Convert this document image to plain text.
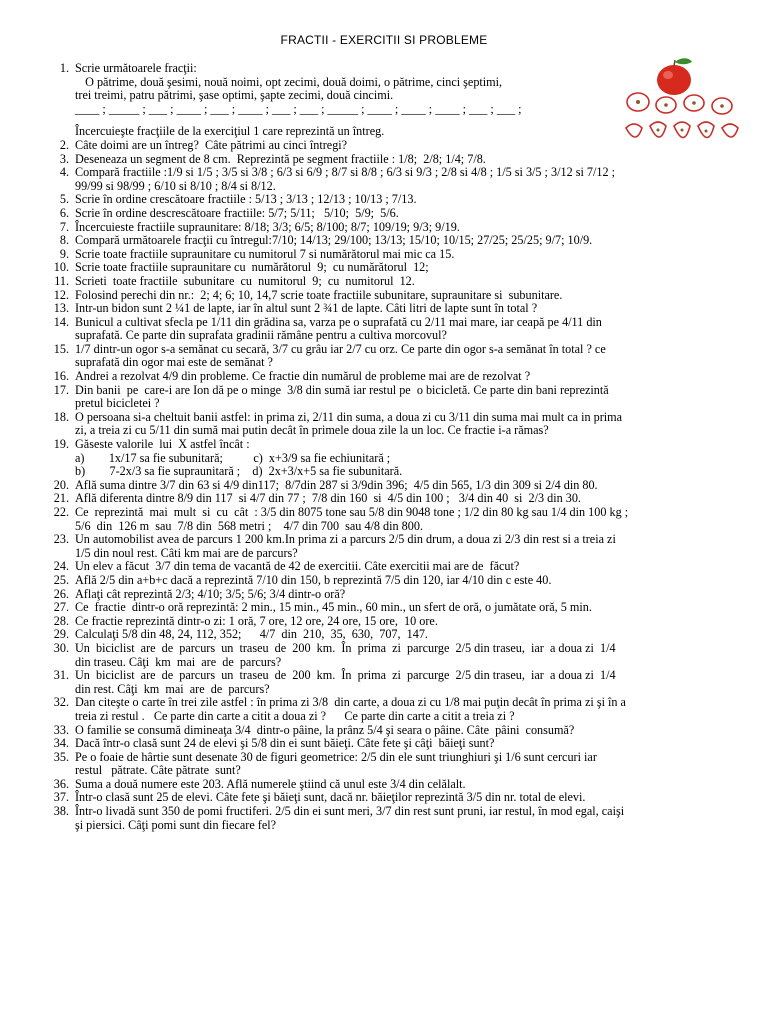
FRACTII - EXERCITII SI PROBLEME
1. Scrie următoarele fracţii:
O pătrime, două şesimi, nouă noimi, opt zecimi, două doimi, o pătrime, cinci şeptimi,
trei treimi, patru pătrimi, şase optimi, şapte zecimi, două cincimi.
____ ; _____ ; ___ ; ____ ; ___ ; ____ ; ___ ; ___ ; _____ ; ____ ; ____ ; ____ ; ___ ; ___ ;
Încercuieşte fracţiile de la exerciţiul 1 care reprezintă un întreg.
2. Câte doimi are un întreg?  Câte pătrimi au cinci întregi?
3. Deseneaza un segment de 8 cm.  Reprezintă pe segment fractiile : 1/8;  2/8; 1/4; 7/8.
4. Compară fractiile :1/9 si 1/5 ; 3/5 si 3/8 ; 6/3 si 6/9 ; 8/7 si 8/8 ; 6/3 si 9/3 ; 2/8 si 4/8 ; 1/5 si 3/5 ; 3/12 si 7/12 ;
99/99 si 98/99 ; 6/10 si 8/10 ; 8/4 si 8/12.
5. Scrie în ordine crescătoare fractiile : 5/13 ; 3/13 ; 12/13 ; 10/13 ; 7/13.
6. Scrie în ordine descrescătoare fractiile: 5/7; 5/11;   5/10;  5/9;  5/6.
7. Încercuieste fractiile supraunitare: 8/18; 3/3; 6/5; 8/100; 8/7; 109/19; 9/3; 9/19.
8. Compară următoarele fracţii cu întregul:7/10; 14/13; 29/100; 13/13; 15/10; 10/15; 27/25; 25/25; 9/7; 10/9.
9. Scrie toate fractiile supraunitare cu numitorul 7 si numărătorul mai mic ca 15.
10. Scrie toate fractiile supraunitare cu  numărătorul  9;  cu numărătorul  12;
11. Scrieti  toate fractiile  subunitare  cu  numitorul  9;  cu  numitorul  12.
12. Folosind perechi din nr.:  2; 4; 6; 10, 14,7 scrie toate fractiile subunitare, supraunitare si  subunitare.
13. Intr-un bidon sunt 2 ¼1 de lapte, iar în altul sunt 2 ¾1 de lapte. Câti litri de lapte sunt în total ?
14. Bunicul a cultivat sfecla pe 1/11 din grădina sa, varza pe o suprafată cu 2/11 mai mare, iar ceapă pe 4/11 din
suprafată. Ce parte din suprafata gradinii rămâne pentru a cultiva morcovul?
15. 1/7 dintr-un ogor s-a semănat cu secară, 3/7 cu grâu iar 2/7 cu orz. Ce parte din ogor s-a semănat în total ? ce
suprafată din ogor mai este de semănat ?
16. Andrei a rezolvat 4/9 din probleme. Ce fractie din numărul de probleme mai are de rezolvat ?
17. Din banii  pe  care-i are Ion dă pe o minge  3/8 din sumă iar restul pe  o bicicletă. Ce parte din bani reprezintă
pretul bicicletei ?
18. O persoana si-a cheltuit banii astfel: in prima zi, 2/11 din suma, a doua zi cu 3/11 din suma mai mult ca in prima
zi, a treia zi cu 5/11 din sumă mai putin decât în primele doua zile la un loc. Ce fractie i-a rămas?
19. Găseste valorile  lui  X astfel încât :
a)        1x/17 sa fie subunitară;          c)  x+3/9 sa fie echiunitară ;
b)        7-2x/3 sa fie supraunitară ;    d)  2x+3/x+5 sa fie subunitară.
20. Află suma dintre 3/7 din 63 si 4/9 din117;  8/7din 287 si 3/9din 396;  4/5 din 565, 1/3 din 309 si 2/4 din 80.
21. Află diferenta dintre 8/9 din 117  si 4/7 din 77 ;  7/8 din 160  si  4/5 din 100 ;   3/4 din 40  si  2/3 din 30.
22. Ce  reprezintă  mai  mult  si  cu  cât  : 3/5 din 8075 tone sau 5/8 din 9048 tone ; 1/2 din 80 kg sau 1/4 din 100 kg ;
5/6  din  126 m  sau  7/8 din  568 metri ;    4/7 din 700  sau 4/8 din 800.
23. Un automobilist avea de parcurs 1 200 km.In prima zi a parcurs 2/5 din drum, a doua zi 2/3 din rest si a treia zi
1/5 din noul rest. Câti km mai are de parcurs?
24. Un elev a făcut  3/7 din tema de vacantă de 42 de exercitii. Câte exercitii mai are de  făcut?
25. Află 2/5 din a+b+c dacă a reprezintă 7/10 din 150, b reprezintă 7/5 din 120, iar 4/10 din c este 40.
26. Aflaţi cât reprezintă 2/3; 4/10; 3/5; 5/6; 3/4 dintr-o oră?
27. Ce  fractie  dintr-o oră reprezintă: 2 min., 15 min., 45 min., 60 min., un sfert de oră, o jumătate oră, 5 min.
28. Ce fractie reprezintă dintr-o zi: 1 oră, 7 ore, 12 ore, 24 ore, 15 ore,  10 ore.
29. Calculaţi 5/8 din 48, 24, 112, 352;      4/7  din  210,  35,  630,  707,  147.
30. Un  biciclist  are  de  parcurs  un  traseu  de  200  km.  În  prima  zi  parcurge  2/5 din traseu,  iar  a doua zi  1/4
din traseu. Câţi  km  mai  are  de  parcurs?
31. Un  biciclist  are  de  parcurs  un  traseu  de  200  km.  În  prima  zi  parcurge  2/5 din traseu,  iar  a doua zi  1/4
din rest. Câţi  km  mai  are  de  parcurs?
32. Dan citeşte o carte în trei zile astfel : în prima zi 3/8  din carte, a doua zi cu 1/8 mai puţin decât în prima zi şi în a
treia zi restul .   Ce parte din carte a citit a doua zi ?      Ce parte din carte a citit a treia zi ?
33. O familie se consumă dimineaţa 3/4  dintr-o pâine, la prânz 5/4 şi seara o pâine. Câte  pâini  consumă?
34. Dacă într-o clasă sunt 24 de elevi şi 5/8 din ei sunt băieţi. Câte fete şi câţi  băieţi sunt?
35. Pe o foaie de hârtie sunt desenate 30 de figuri geometrice: 2/5 din ele sunt triunghiuri şi 1/6 sunt cercuri iar
restul   pătrate. Câte pătrate  sunt?
36. Suma a două numere este 203. Află numerele ştiind că unul este 3/4 din celălalt.
37. Într-o clasă sunt 25 de elevi. Câte fete şi băieţi sunt, dacă nr. băieţilor reprezintă 3/5 din nr. total de elevi.
38. Într-o livadă sunt 350 de pomi fructiferi. 2/5 din ei sunt meri, 3/7 din rest sunt pruni, iar restul, în mod egal, caişi
şi piersici. Câţi pomi sunt din fiecare fel?
